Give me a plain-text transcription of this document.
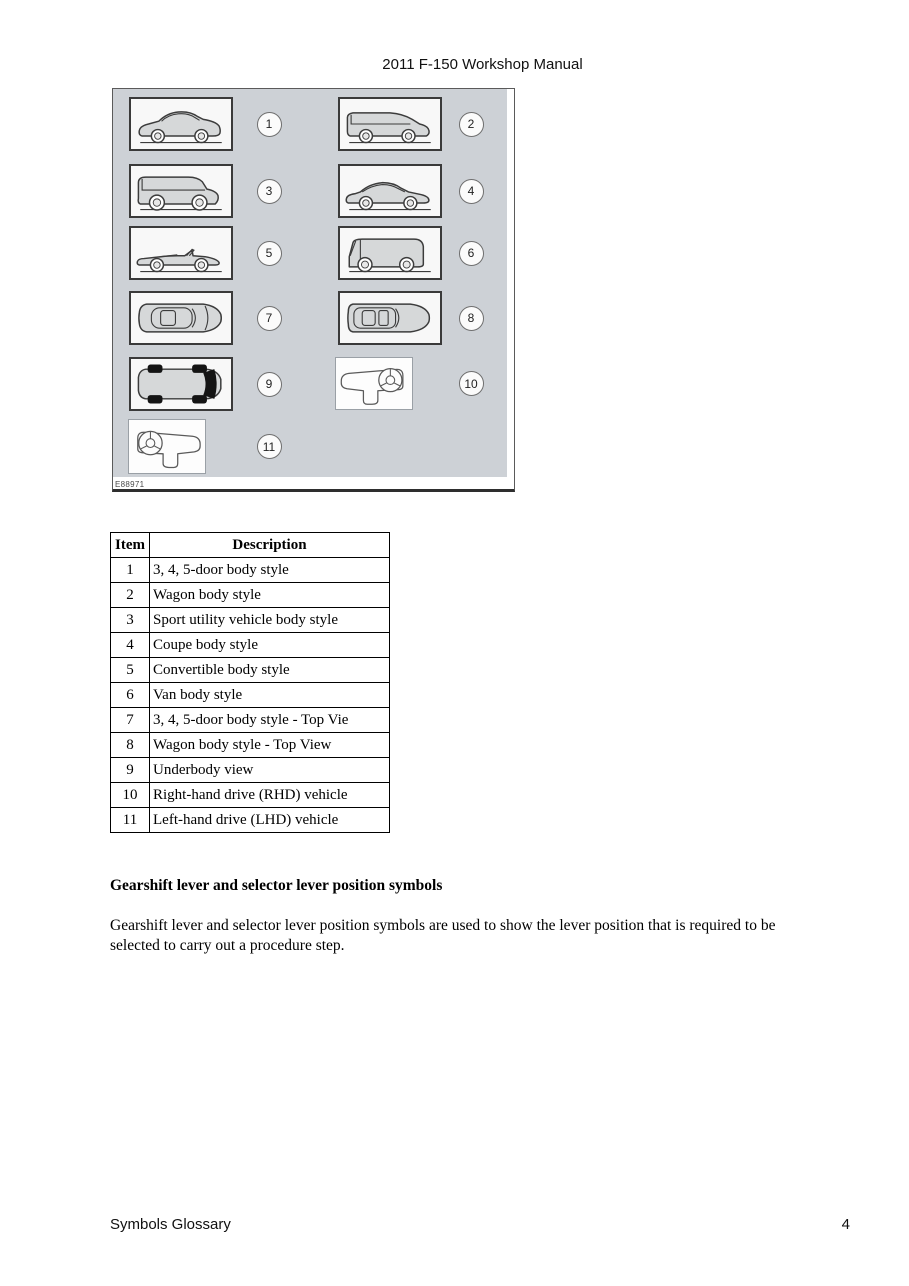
2011 F-150 Workshop Manual
1	2
3	4
5	6
7	8
9	10
11
E88971
Item	Description
1	3, 4, 5-door body style
2	Wagon body style
3	Sport utility vehicle body style
4	Coupe body style
5	Convertible body style
6	Van body style
7	3, 4, 5-door body style - Top Vie
8	Wagon body style - Top View
9	Underbody view
10	Right-hand drive (RHD) vehicle
11	Left-hand drive (LHD) vehicle
Gearshift lever and selector lever position symbols
Gearshift lever and selector lever position symbols are used to show the lever position that is required to be
selected to carry out a procedure step.
Symbols Glossary	4
